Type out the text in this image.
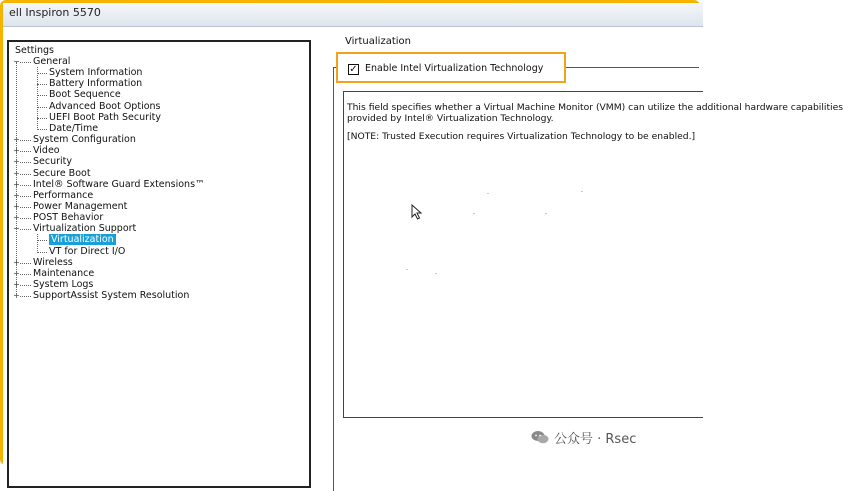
ell Inspiron 5570
Settings
− General
System Information
Battery Information
Boot Sequence
Advanced Boot Options
UEFI Boot Path Security
Date/Time
+ System Configuration
+ Video
+ Security
+ Secure Boot
+ Intel® Software Guard Extensions™
+ Performance
+ Power Management
+ POST Behavior
− Virtualization Support
Virtualization
VT for Direct I/O
+ Wireless
+ Maintenance
+ System Logs
+ SupportAssist System Resolution
Virtualization
✓ Enable Intel Virtualization Technology

This field specifies whether a Virtual Machine Monitor (VMM) can utilize the additional hardware capabilities

provided by Intel® Virtualization Technology.

[NOTE: Trusted Execution requires Virtualization Technology to be enabled.]

公众号 · Rsec
